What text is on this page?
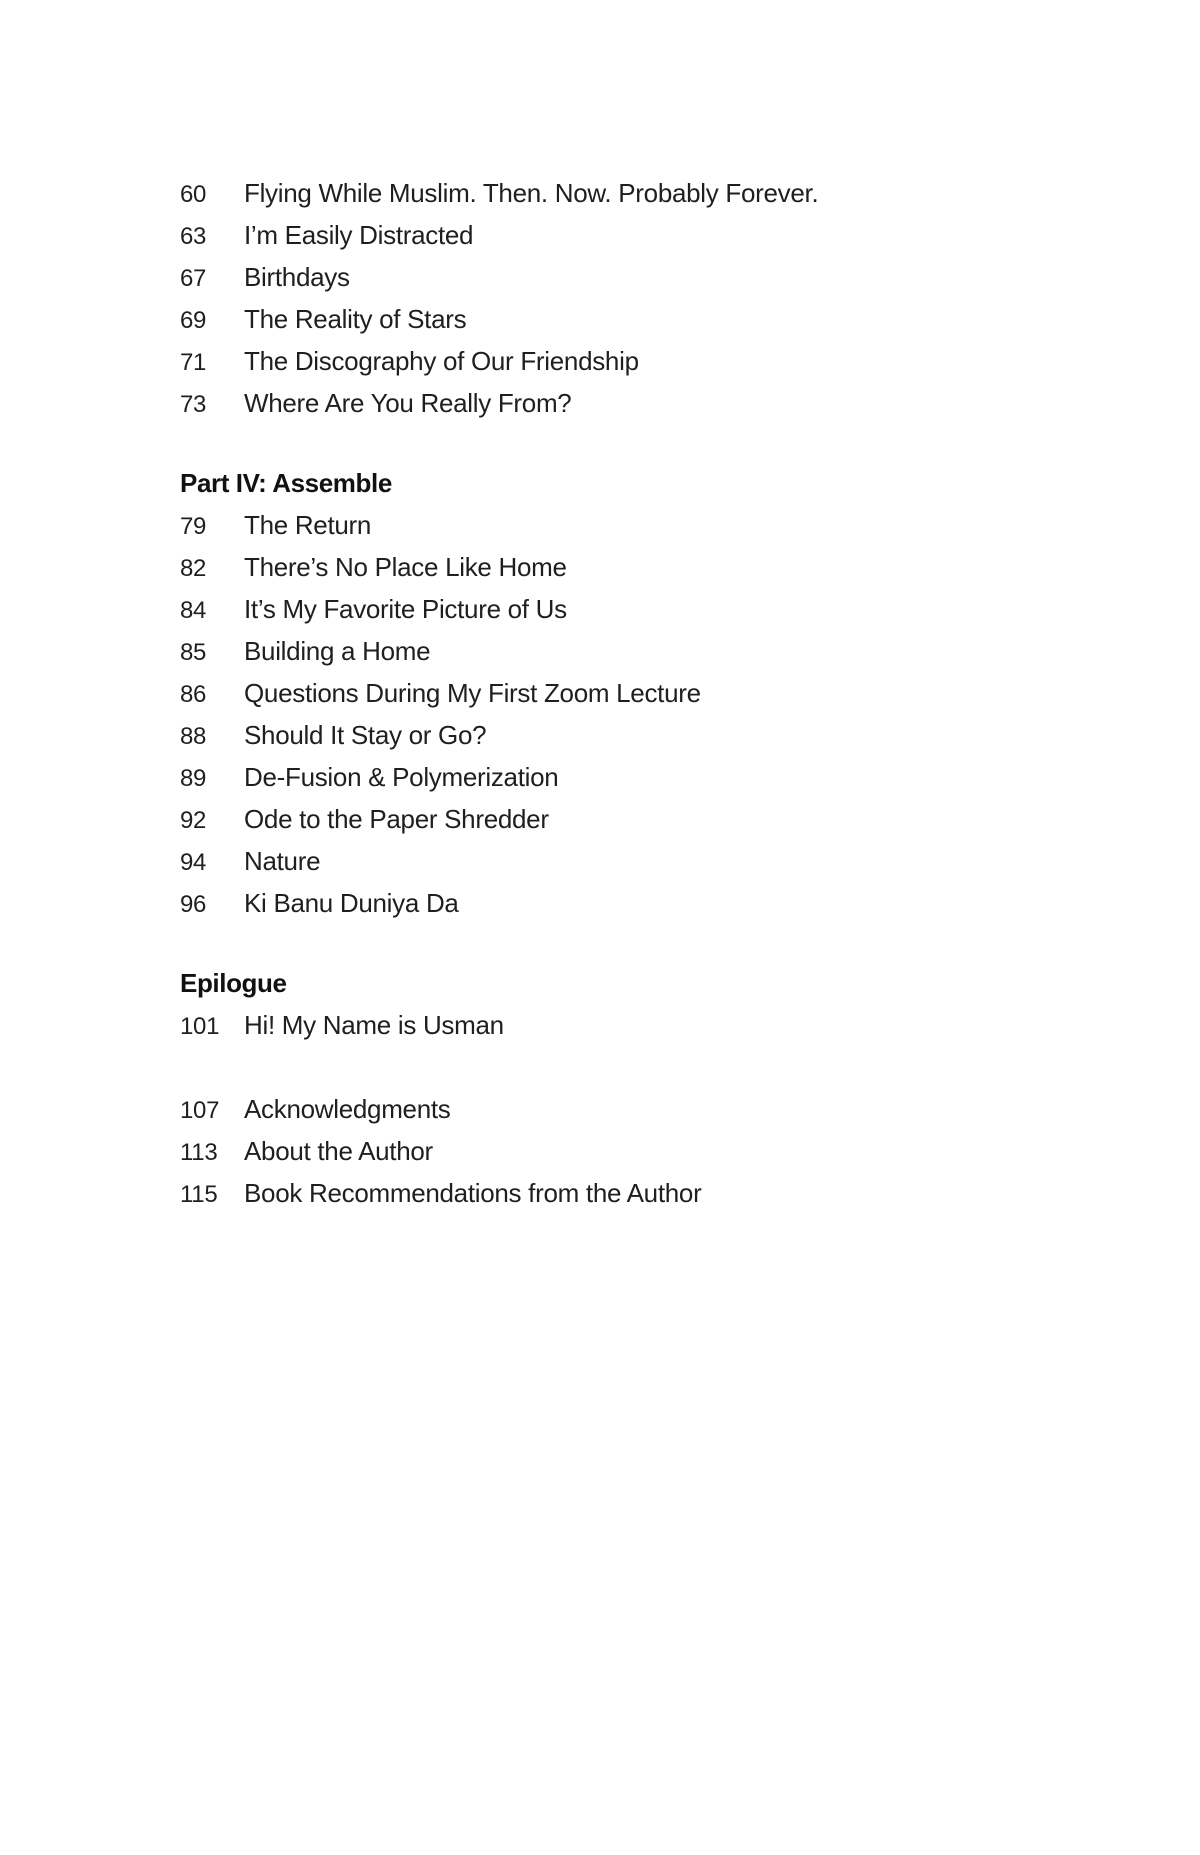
60	Flying While Muslim. Then. Now. Probably Forever.
63	I’m Easily Distracted
67	Birthdays
69	The Reality of Stars
71	The Discography of Our Friendship
73	Where Are You Really From?
Part IV: Assemble
79	The Return
82	There’s No Place Like Home
84	It’s My Favorite Picture of Us
85	Building a Home
86	Questions During My First Zoom Lecture
88	Should It Stay or Go?
89	De-Fusion & Polymerization
92	Ode to the Paper Shredder
94	Nature
96	Ki Banu Duniya Da
Epilogue
101 Hi! My Name is Usman
107 Acknowledgments
113	About the Author
115	Book Recommendations from the Author
